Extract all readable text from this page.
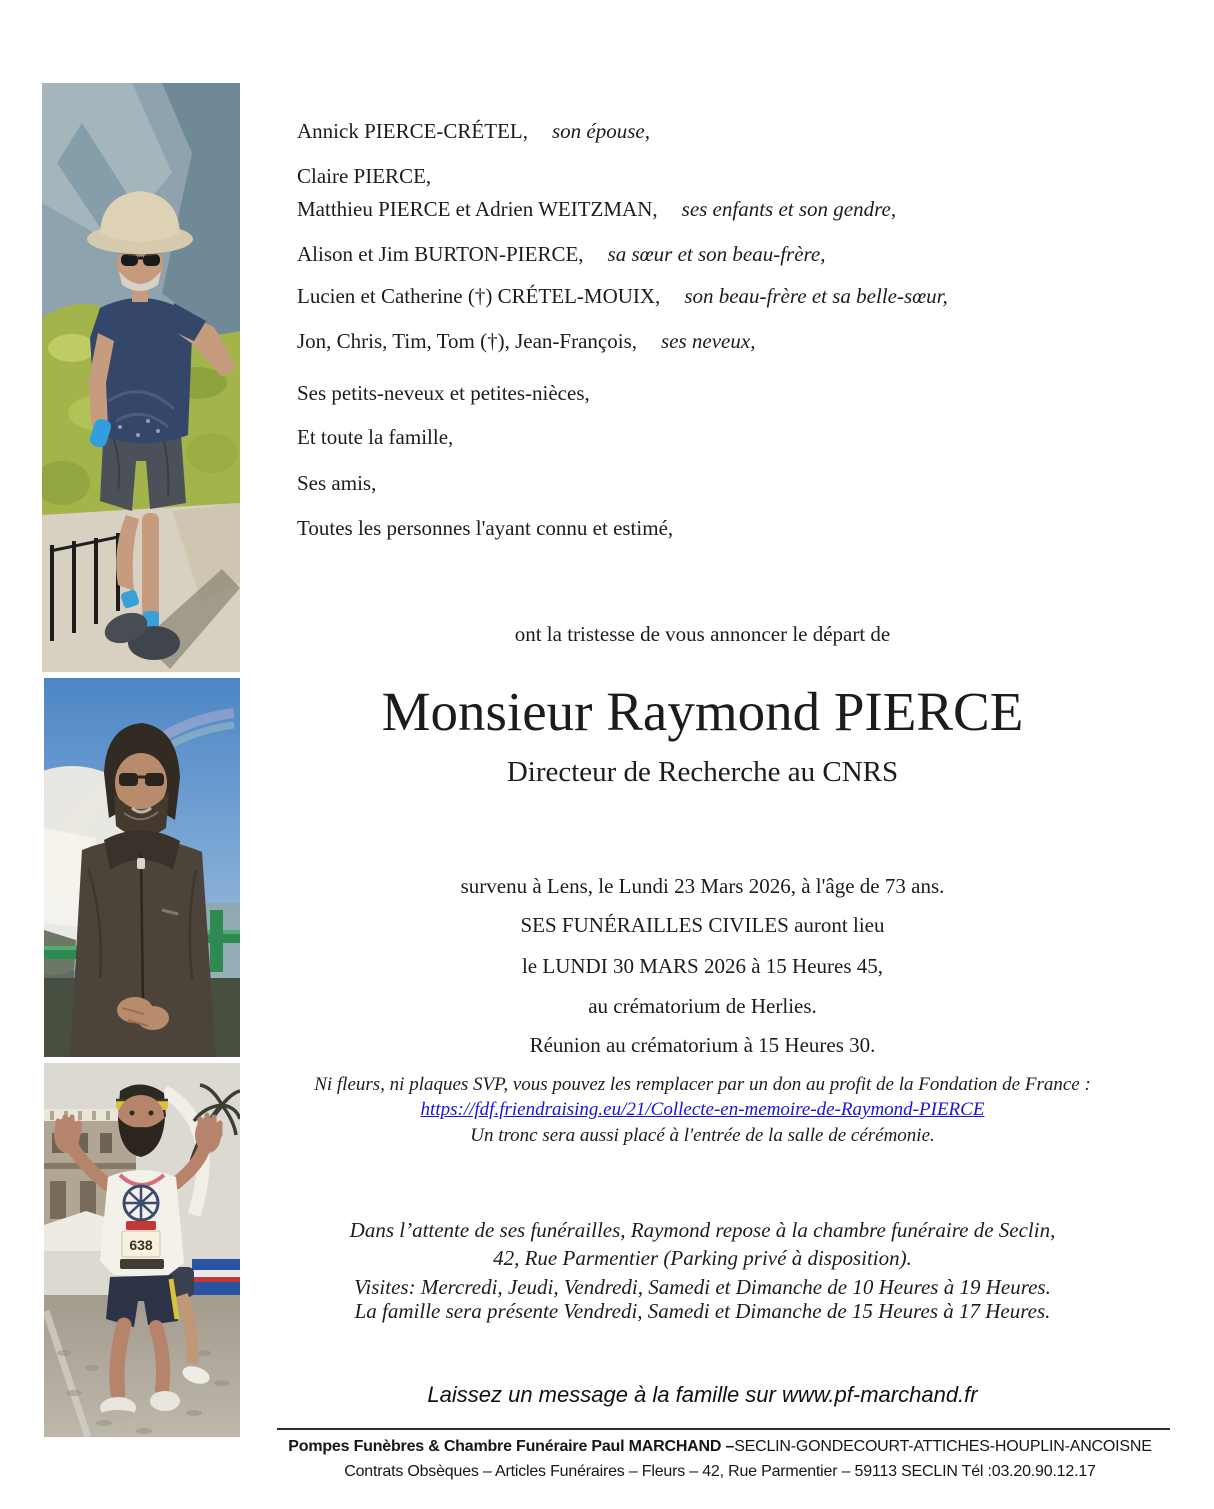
638
Annick PIERCE-CRÉTEL, son épouse,
Claire PIERCE,
Matthieu PIERCE et Adrien WEITZMAN, ses enfants et son gendre,
Alison et Jim BURTON-PIERCE, sa sœur et son beau-frère,
Lucien et Catherine (†) CRÉTEL-MOUIX, son beau-frère et sa belle-sœur,
Jon, Chris, Tim, Tom (†), Jean-François, ses neveux,
Ses petits-neveux et petites-nièces,
Et toute la famille,
Ses amis,
Toutes les personnes l'ayant connu et estimé,
ont la tristesse de vous annoncer le départ de
Monsieur Raymond PIERCE
Directeur de Recherche au CNRS
survenu à Lens, le Lundi 23 Mars 2026, à l'âge de 73 ans.
SES FUNÉRAILLES CIVILES auront lieu
le LUNDI 30 MARS 2026 à 15 Heures 45,
au crématorium de Herlies.
Réunion au crématorium à 15 Heures 30.
Ni fleurs, ni plaques SVP, vous pouvez les remplacer par un don au profit de la Fondation de France :
https://fdf.friendraising.eu/21/Collecte-en-memoire-de-Raymond-PIERCE
Un tronc sera aussi placé à l'entrée de la salle de cérémonie.
Dans l’attente de ses funérailles, Raymond repose à la chambre funéraire de Seclin,
42, Rue Parmentier (Parking privé à disposition).
Visites: Mercredi, Jeudi, Vendredi, Samedi et Dimanche de 10 Heures à 19 Heures.
La famille sera présente Vendredi, Samedi et Dimanche de 15 Heures à 17 Heures.
Laissez un message à la famille sur www.pf-marchand.fr
Pompes Funèbres & Chambre Funéraire Paul MARCHAND –SECLIN-GONDECOURT-ATTICHES-HOUPLIN-ANCOISNE
Contrats Obsèques – Articles Funéraires – Fleurs – 42, Rue Parmentier – 59113 SECLIN Tél :03.20.90.12.17
